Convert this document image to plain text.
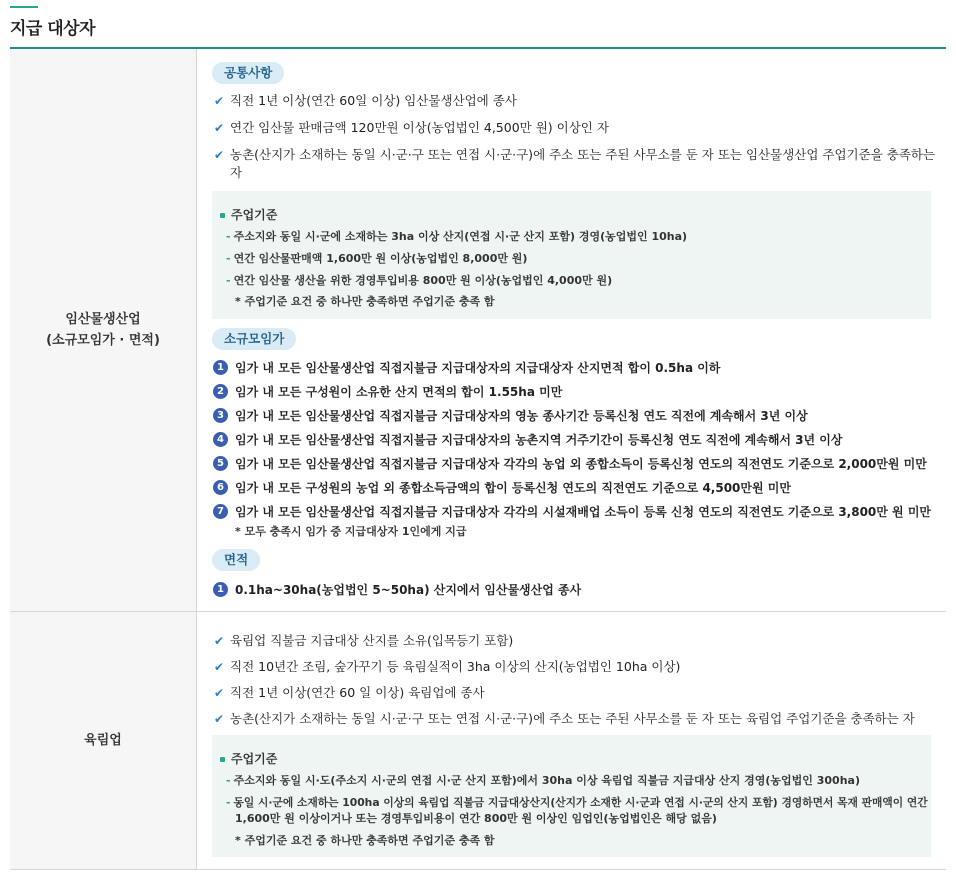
지급 대상자
임산물생산업
(소규모임가 · 면적)
공통사항
✔ 직전 1년 이상(연간 60일 이상) 임산물생산업에 종사
✔ 연간 임산물 판매금액 120만원 이상(농업법인 4,500만 원) 이상인 자
✔ 농촌(산지가 소재하는 동일 시·군·구 또는 연접 시·군·구)에 주소 또는 주된 사무소를 둔 자 또는 임산물생산업 주업기준을 충족하는
자
주업기준
- 주소지와 동일 시·군에 소재하는 3ha 이상 산지(연접 시·군 산지 포함) 경영(농업법인 10ha)
- 연간 임산물판매액 1,600만 원 이상(농업법인 8,000만 원)
- 연간 임산물 생산을 위한 경영투입비용 800만 원 이상(농업법인 4,000만 원)
* 주업기준 요건 중 하나만 충족하면 주업기준 충족 함
소규모임가
1 임가 내 모든 임산물생산업 직접지불금 지급대상자의 지급대상자 산지면적 합이 0.5ha 이하
2 임가 내 모든 구성원이 소유한 산지 면적의 합이 1.55ha 미만
3 임가 내 모든 임산물생산업 직접지불금 지급대상자의 영농 종사기간 등록신청 연도 직전에 계속해서 3년 이상
4 임가 내 모든 임산물생산업 직접지불금 지급대상자의 농촌지역 거주기간이 등록신청 연도 직전에 계속해서 3년 이상
5 임가 내 모든 임산물생산업 직접지불금 지급대상자 각각의 농업 외 종합소득이 등록신청 연도의 직전연도 기준으로 2,000만원 미만
6 임가 내 모든 구성원의 농업 외 종합소득금액의 합이 등록신청 연도의 직전연도 기준으로 4,500만원 미만
7 임가 내 모든 임산물생산업 직접지불금 지급대상자 각각의 시설재배업 소득이 등록 신청 연도의 직전연도 기준으로 3,800만 원 미만
* 모두 충족시 임가 중 지급대상자 1인에게 지급
면적
1 0.1ha~30ha(농업법인 5~50ha) 산지에서 임산물생산업 종사
육림업
✔ 육림업 직불금 지급대상 산지를 소유(입목등기 포함)
✔ 직전 10년간 조림, 숲가꾸기 등 육림실적이 3ha 이상의 산지(농업법인 10ha 이상)
✔ 직전 1년 이상(연간 60 일 이상) 육림업에 종사
✔ 농촌(산지가 소재하는 동일 시·군·구 또는 연접 시·군·구)에 주소 또는 주된 사무소를 둔 자 또는 육림업 주업기준을 충족하는 자
주업기준
- 주소지와 동일 시·도(주소지 시·군의 연접 시·군 산지 포함)에서 30ha 이상 육림업 직불금 지급대상 산지 경영(농업법인 300ha)
- 동일 시·군에 소재하는 100ha 이상의 육림업 직불금 지급대상산지(산지가 소재한 시·군과 연접 시·군의 산지 포함) 경영하면서 목재 판매액이 연간
1,600만 원 이상이거나 또는 경영투입비용이 연간 800만 원 이상인 임업인(농업법인은 해당 없음)
* 주업기준 요건 중 하나만 충족하면 주업기준 충족 함
